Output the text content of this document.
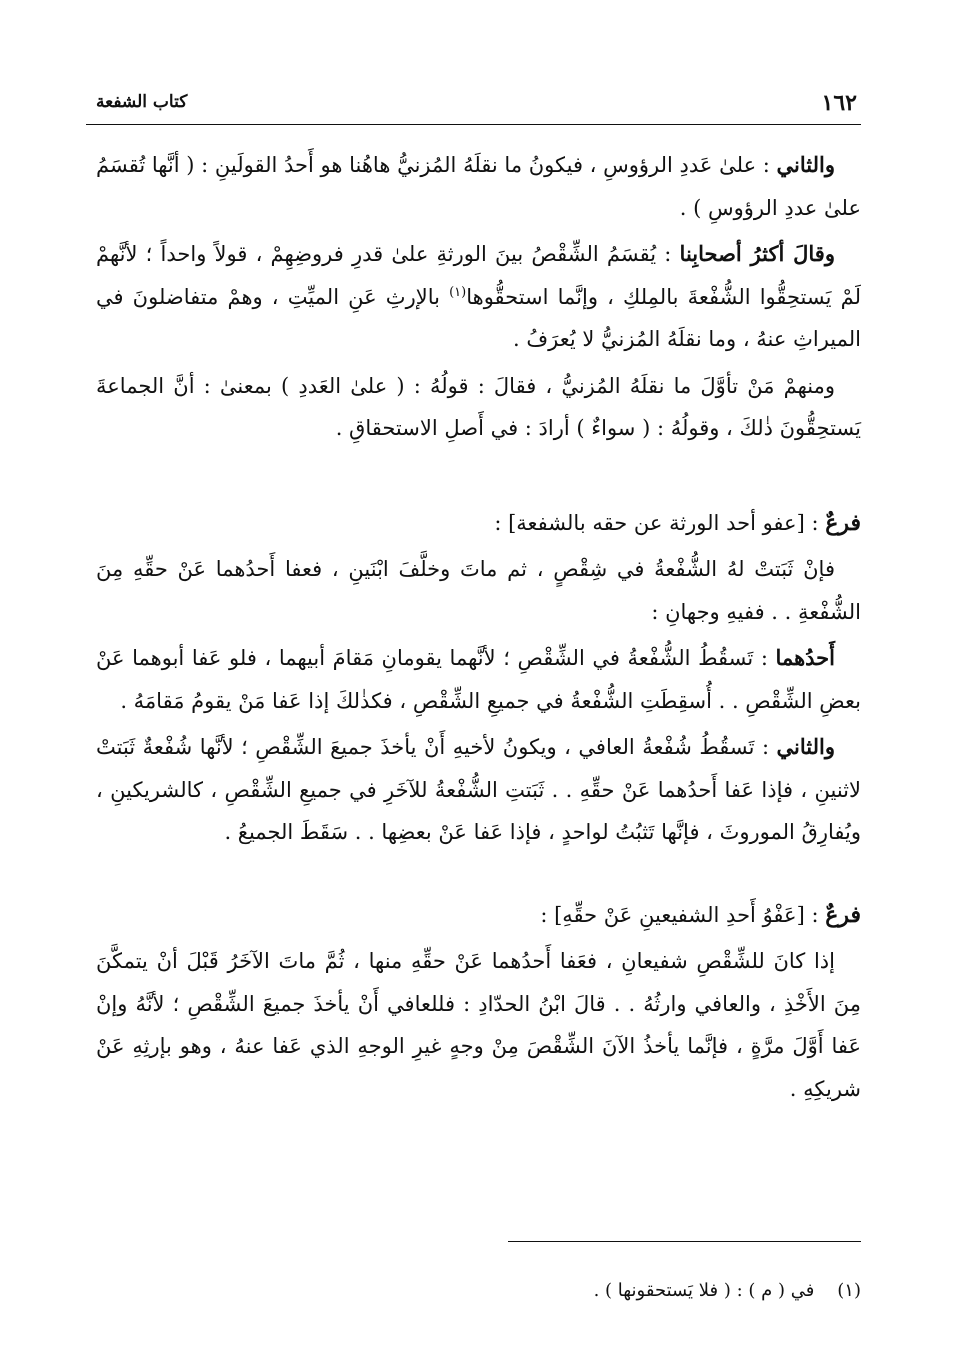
١٦٢
كتاب الشفعة

والثاني : علىٰ عَددِ الرؤوسِ ، فيكونُ ما نقلَهُ المُزنيُّ هاهُنا هو أَحدُ القولَينِ : ( أنَّها تُقسَمُ علىٰ عددِ الرؤوسِ ) .

وقالَ أكثرُ أصحابِنا : يُقسَمُ الشِّقْصُ بينَ الورثةِ علىٰ قدرِ فروضِهِمْ ، قولاً واحداً ؛ لأنَّهمْ لَمْ يَستحِقُّوا الشُّفْعةَ بالمِلكِ ، وإنَّما استحقُّوها$^{(١)}$ بالإرثِ عَنِ الميِّتِ ، وهمْ متفاضلونَ في الميراثِ عنهُ ، وما نقلَهُ المُزنيُّ لا يُعرَفُ .

ومنهمْ مَنْ تأوَّلَ ما نقلَهُ المُزنيُّ ، فقالَ : قولُهُ : ( علىٰ العَددِ ) بمعنىٰ : أنَّ الجماعةَ يَستحِقُّونَ ذٰلكَ ، وقولُهُ : ( سواءٌ ) أرادَ : في أَصلِ الاستحقاقِ .

فرعٌ : [عفو أحد الورثة عن حقه بالشفعة] :

فإنْ ثَبَتتْ لهُ الشُّفْعةُ في شِقْصٍ ، ثم ماتَ وخلَّفَ ابْنَينِ ، فعفا أَحدُهما عَنْ حقِّهِ مِنَ الشُّفْعةِ . . ففيهِ وجهانِ :

أَحدُهما : تَسقُطُ الشُّفْعةُ في الشِّقْصِ ؛ لأنَّهما يقومانِ مَقامَ أبيهما ، فلو عَفا أبوهما عَنْ بعضِ الشِّقْصِ . . أُسقِطَتِ الشُّفْعةُ في جميعِ الشِّقْصِ ، فكذٰلكَ إذا عَفا مَنْ يقومُ مَقامَهُ .

والثاني : تَسقُطُ شُفْعةُ العافي ، ويكونُ لأخيهِ أَنْ يأخذَ جميعَ الشِّقْصِ ؛ لأنَّها شُفْعةٌ ثَبَتتْ لاثنينِ ، فإذا عَفا أَحدُهما عَنْ حقِّهِ . . ثَبَتتِ الشُّفْعةُ للآخَرِ في جميعِ الشِّقْصِ ، كالشريكينِ ، ويُفارِقُ الموروثَ ، فإنَّها تَثبُتُ لواحدٍ ، فإذا عَفا عَنْ بعضِها . . سَقَطَ الجميعُ .

فرعٌ : [عَفْوُ أَحدِ الشفيعينِ عَنْ حقِّهِ] :

إذا كانَ للشِّقْصِ شفيعانِ ، فعَفا أَحدُهما عَنْ حقِّهِ منها ، ثُمَّ ماتَ الآخَرُ قَبْلَ أنْ يتمكَّنَ مِنَ الأَخْذِ ، والعافي وارثُهُ . . قالَ ابْنُ الحدّادِ : فللعافي أَنْ يأخذَ جميعَ الشِّقْصِ ؛ لأنَّهُ وإنْ عَفا أَوَّلَ مرَّةٍ ، فإنَّما يأخذُ الآنَ الشِّقْصَ مِنْ وجهٍ غيرِ الوجهِ الذي عَفا عنهُ ، وهو بإرثِهِ عَنْ شريكِهِ .

(١)    في ( م ) : ( فلا يَستحقونها ) .
